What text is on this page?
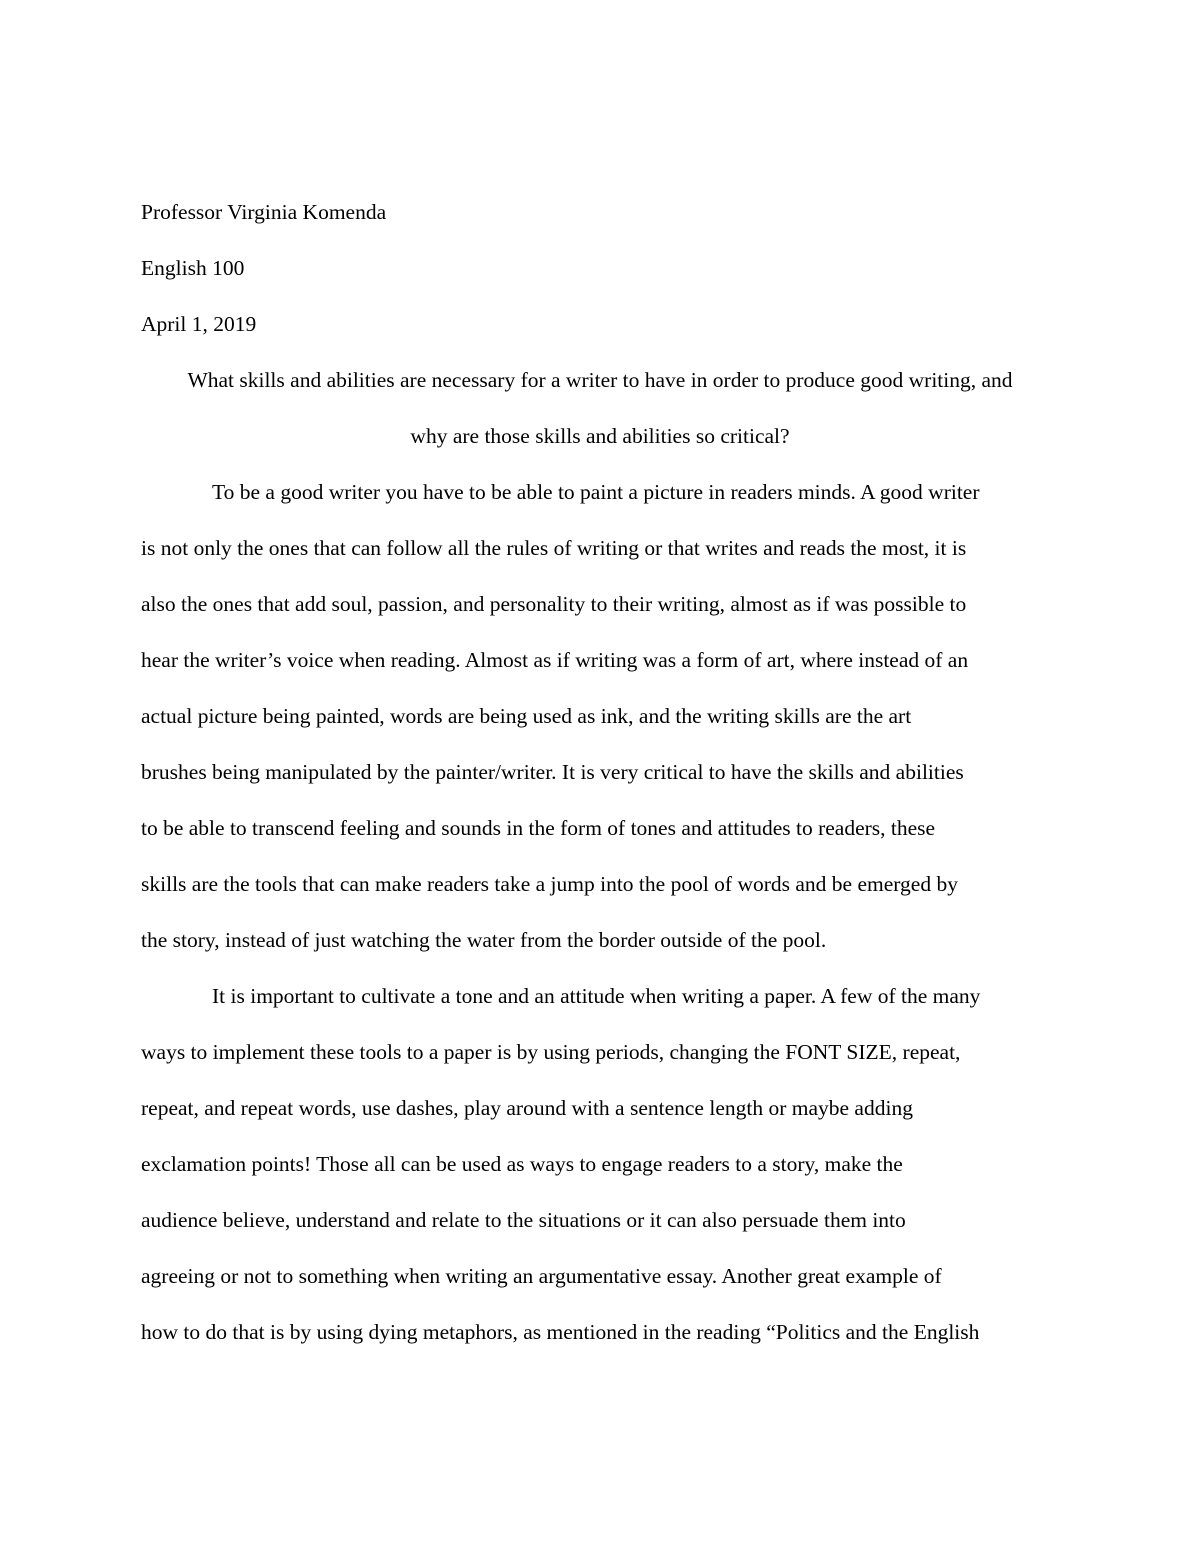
Professor Virginia Komenda
English 100
April 1, 2019
What skills and abilities are necessary for a writer to have in order to produce good writing, and
why are those skills and abilities so critical?
To be a good writer you have to be able to paint a picture in readers minds. A good writer
is not only the ones that can follow all the rules of writing or that writes and reads the most, it is
also the ones that add soul, passion, and personality to their writing, almost as if was possible to
hear the writer’s voice when reading. Almost as if writing was a form of art, where instead of an
actual picture being painted, words are being used as ink, and the writing skills are the art
brushes being manipulated by the painter/writer. It is very critical to have the skills and abilities
to be able to transcend feeling and sounds in the form of tones and attitudes to readers, these
skills are the tools that can make readers take a jump into the pool of words and be emerged by
the story, instead of just watching the water from the border outside of the pool.
It is important to cultivate a tone and an attitude when writing a paper. A few of the many
ways to implement these tools to a paper is by using periods, changing the FONT SIZE, repeat,
repeat, and repeat words, use dashes, play around with a sentence length or maybe adding
exclamation points! Those all can be used as ways to engage readers to a story, make the
audience believe, understand and relate to the situations or it can also persuade them into
agreeing or not to something when writing an argumentative essay. Another great example of
how to do that is by using dying metaphors, as mentioned in the reading “Politics and the English
